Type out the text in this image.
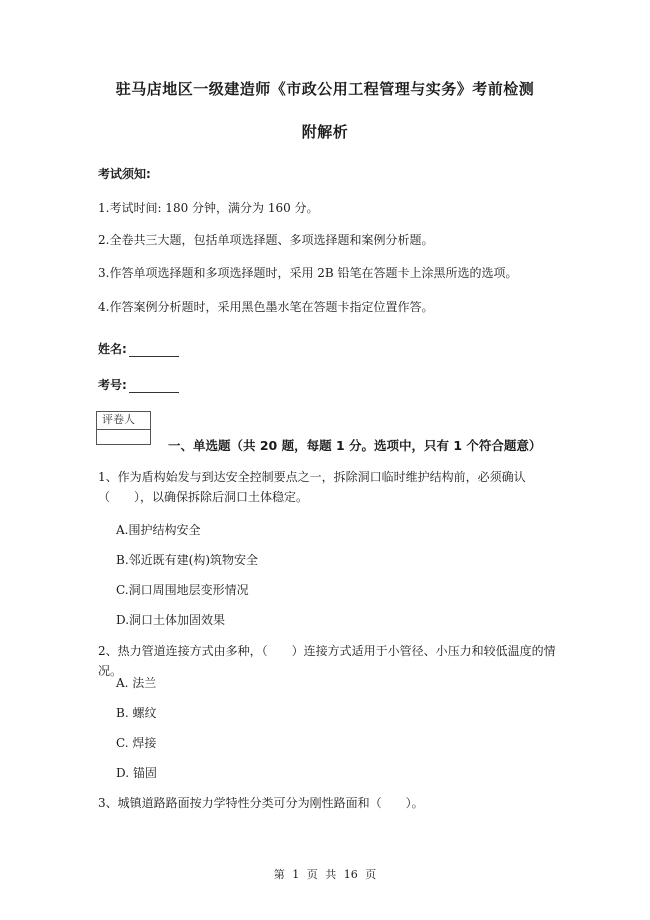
驻马店地区一级建造师《市政公用工程管理与实务》考前检测
附解析
考试须知:
1.考试时间: 180 分钟，满分为 160 分。
2.全卷共三大题，包括单项选择题、多项选择题和案例分析题。
3.作答单项选择题和多项选择题时，采用 2B 铅笔在答题卡上涂黑所选的选项。
4.作答案例分析题时，采用黑色墨水笔在答题卡指定位置作答。
姓名:
考号:
评卷人
一、单选题（共 20 题，每题 1 分。选项中，只有 1 个符合题意）
1、作为盾构始发与到达安全控制要点之一，拆除洞口临时维护结构前，必须确认（　　），以确保拆除后洞口土体稳定。
A.围护结构安全
B.邻近既有建(构)筑物安全
C.洞口周围地层变形情况
D.洞口土体加固效果
2、热力管道连接方式由多种，（　　）连接方式适用于小管径、小压力和较低温度的情况。
A. 法兰
B. 螺纹
C. 焊接
D. 锚固
3、城镇道路路面按力学特性分类可分为刚性路面和（　　）。
第 1 页 共 16 页
